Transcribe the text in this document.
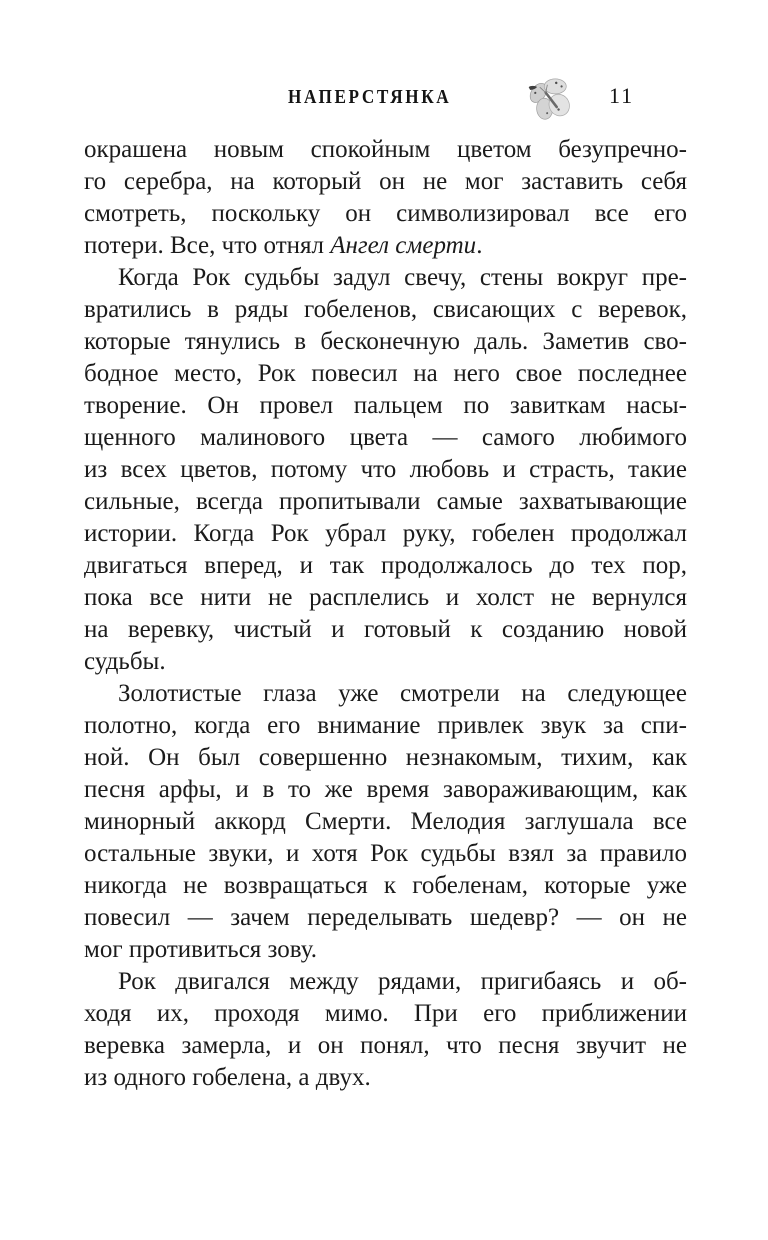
НАПЕРСТЯНКА	11
окрашена новым спокойным цветом безупречно-
го серебра, на который он не мог заставить себя
смотреть, поскольку он символизировал все его
потери. Все, что отнял Ангел смерти.
Когда Рок судьбы задул свечу, стены вокруг пре-
вратились в ряды гобеленов, свисающих с веревок,
которые тянулись в бесконечную даль. Заметив сво-
бодное место, Рок повесил на него свое последнее
творение. Он провел пальцем по завиткам насы-
щенного малинового цвета — самого любимого
из всех цветов, потому что любовь и страсть, такие
сильные, всегда пропитывали самые захватывающие
истории. Когда Рок убрал руку, гобелен продолжал
двигаться вперед, и так продолжалось до тех пор,
пока все нити не расплелись и холст не вернулся
на веревку, чистый и готовый к созданию новой
судьбы.
Золотистые глаза уже смотрели на следующее
полотно, когда его внимание привлек звук за спи-
ной. Он был совершенно незнакомым, тихим, как
песня арфы, и в то же время завораживающим, как
минорный аккорд Смерти. Мелодия заглушала все
остальные звуки, и хотя Рок судьбы взял за правило
никогда не возвращаться к гобеленам, которые уже
повесил — зачем переделывать шедевр? — он не
мог противиться зову.
Рок двигался между рядами, пригибаясь и об-
ходя их, проходя мимо. При его приближении
веревка замерла, и он понял, что песня звучит не
из одного гобелена, а двух.
